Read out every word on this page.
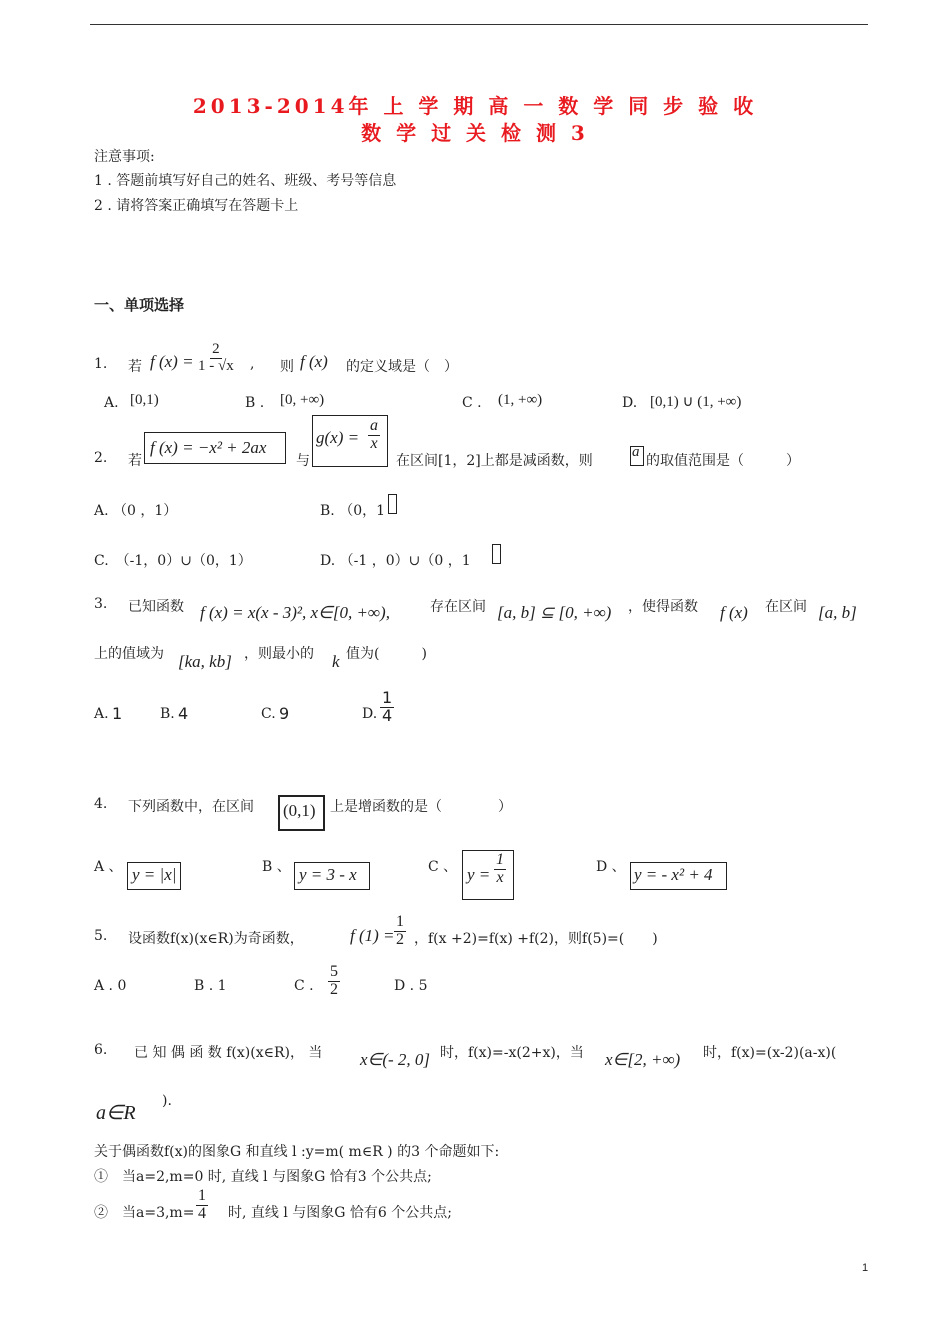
2013-2014年 上 学 期 高 一 数 学 同 步 验 收
数 学 过 关 检 测 3
注意事项:
1 . 答题前填写好自己的姓名、班级、考号等信息
2 . 请将答案正确填写在答题卡上
一、单项选择
1. 若 f $(x) = \frac{2}{1 - √x}$ , 则 f (x) 的定义域是（　）
A. [0,1)	B . [0, +∞)	C . (1, +∞)	D. [0,1) ∪ (1, +∞)
2. 若
f (x) = −x² + 2ax
与
$g(x) = \frac{a}{x}$
在区间[1，2]上都是减函数，则
a
的取值范围是（　　　）
A. （0 ，1）	B. （0，1
C.　（-1，0）∪（0，1）	D. （-1 ，0）∪（0 ，1
3. 已知函数 f (x) = x(x - 3)², x∈[0, +∞),	存在区间 [a, b] ⊆ [0, +∞) ，使得函数 f (x) 在区间 [a, b]
上的值域为 [ka, kb] ，则最小的 k 值为(　　　)
A. 1	B. 4	C. 9	D. $\frac{1}{4}$
4. 下列函数中，在区间 (0,1) 上是增函数的是（　　　　）
A 、 y = |x|	B 、 y = 3 - x	C 、 $y = \frac{1}{x}$	D 、 y = - x² + 4
5. 设函数f(x)(x∈R)为奇函数，	f $(1) = \frac{1}{2}$ ，f(x +2)=f(x) +f(2)，则f(5)=(　　)
A . 0	B . 1	C . $\frac{5}{2}$	D . 5
6. 已 知 偶 函 数 f(x)(x∈R)， 当 x∈(- 2, 0] 时，f(x)=-x(2+x)，当 x∈[2, +∞) 时，f(x)=(x-2)(a-x)(
a∈R
).
关于偶函数f(x)的图象G 和直线 l :y=m( m∈R ) 的3 个命题如下:
①　当a=2,m=0 时, 直线 l 与图象G 恰有3 个公共点;
②　当$a=3,m= \frac{1}{4}$ 时, 直线 l 与图象G 恰有6 个公共点;
1
